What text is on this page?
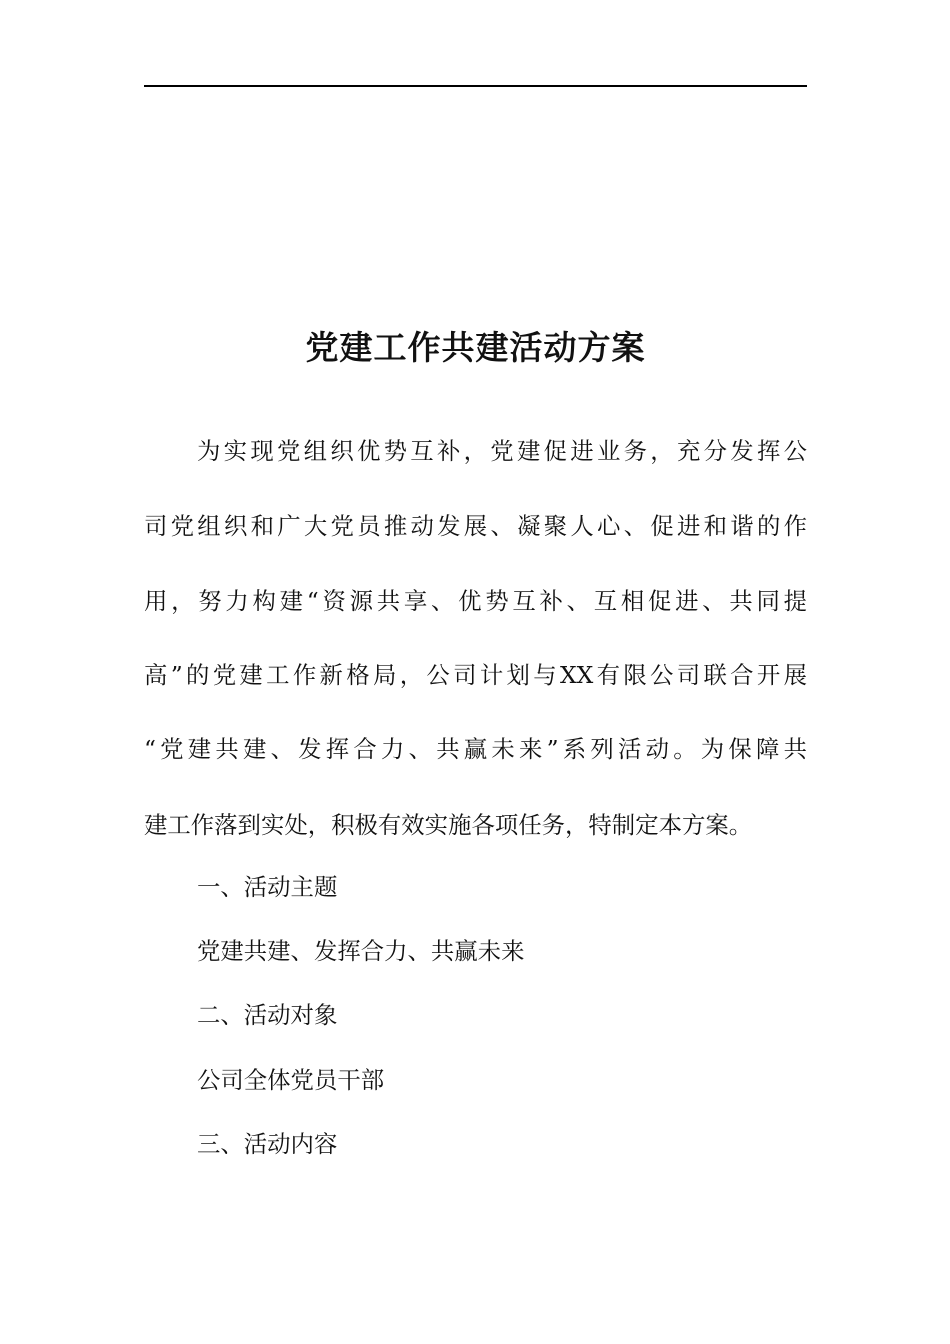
党建工作共建活动方案

为实现党组织优势互补，党建促进业务，充分发挥公

司党组织和广大党员推动发展、凝聚人心、促进和谐的作

用，努力构建“资源共享、优势互补、互相促进、共同提

高”的党建工作新格局，公司计划与XX有限公司联合开展

“党建共建、发挥合力、共赢未来”系列活动。为保障共

建工作落到实处，积极有效实施各项任务，特制定本方案。

一、活动主题

党建共建、发挥合力、共赢未来

二、活动对象

公司全体党员干部

三、活动内容
